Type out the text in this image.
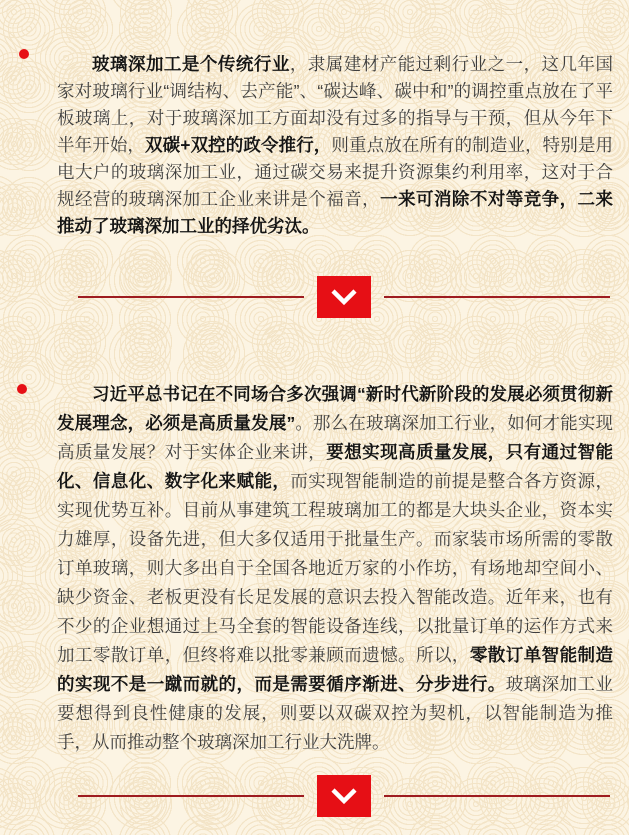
玻璃深加工是个传统行业，隶属建材产能过剩行业之一，这几年国家对玻璃行业“调结构、去产能”、“碳达峰、碳中和”的调控重点放在了平板玻璃上，对于玻璃深加工方面却没有过多的指导与干预，但从今年下半年开始，双碳+双控的政令推行，则重点放在所有的制造业，特别是用电大户的玻璃深加工业，通过碳交易来提升资源集约利用率，这对于合规经营的玻璃深加工企业来讲是个福音，一来可消除不对等竞争，二来推动了玻璃深加工业的择优劣汰。

习近平总书记在不同场合多次强调“新时代新阶段的发展必须贯彻新发展理念，必须是高质量发展”。那么在玻璃深加工行业，如何才能实现高质量发展？对于实体企业来讲，要想实现高质量发展，只有通过智能化、信息化、数字化来赋能，而实现智能制造的前提是整合各方资源，实现优势互补。目前从事建筑工程玻璃加工的都是大块头企业，资本实力雄厚，设备先进，但大多仅适用于批量生产。而家装市场所需的零散订单玻璃，则大多出自于全国各地近万家的小作坊，有场地却空间小、缺少资金、老板更没有长足发展的意识去投入智能改造。近年来，也有不少的企业想通过上马全套的智能设备连线，以批量订单的运作方式来加工零散订单，但终将难以批零兼顾而遗憾。所以，零散订单智能制造的实现不是一蹴而就的，而是需要循序渐进、分步进行。玻璃深加工业要想得到良性健康的发展，则要以双碳双控为契机，以智能制造为推手，从而推动整个玻璃深加工行业大洗牌。
